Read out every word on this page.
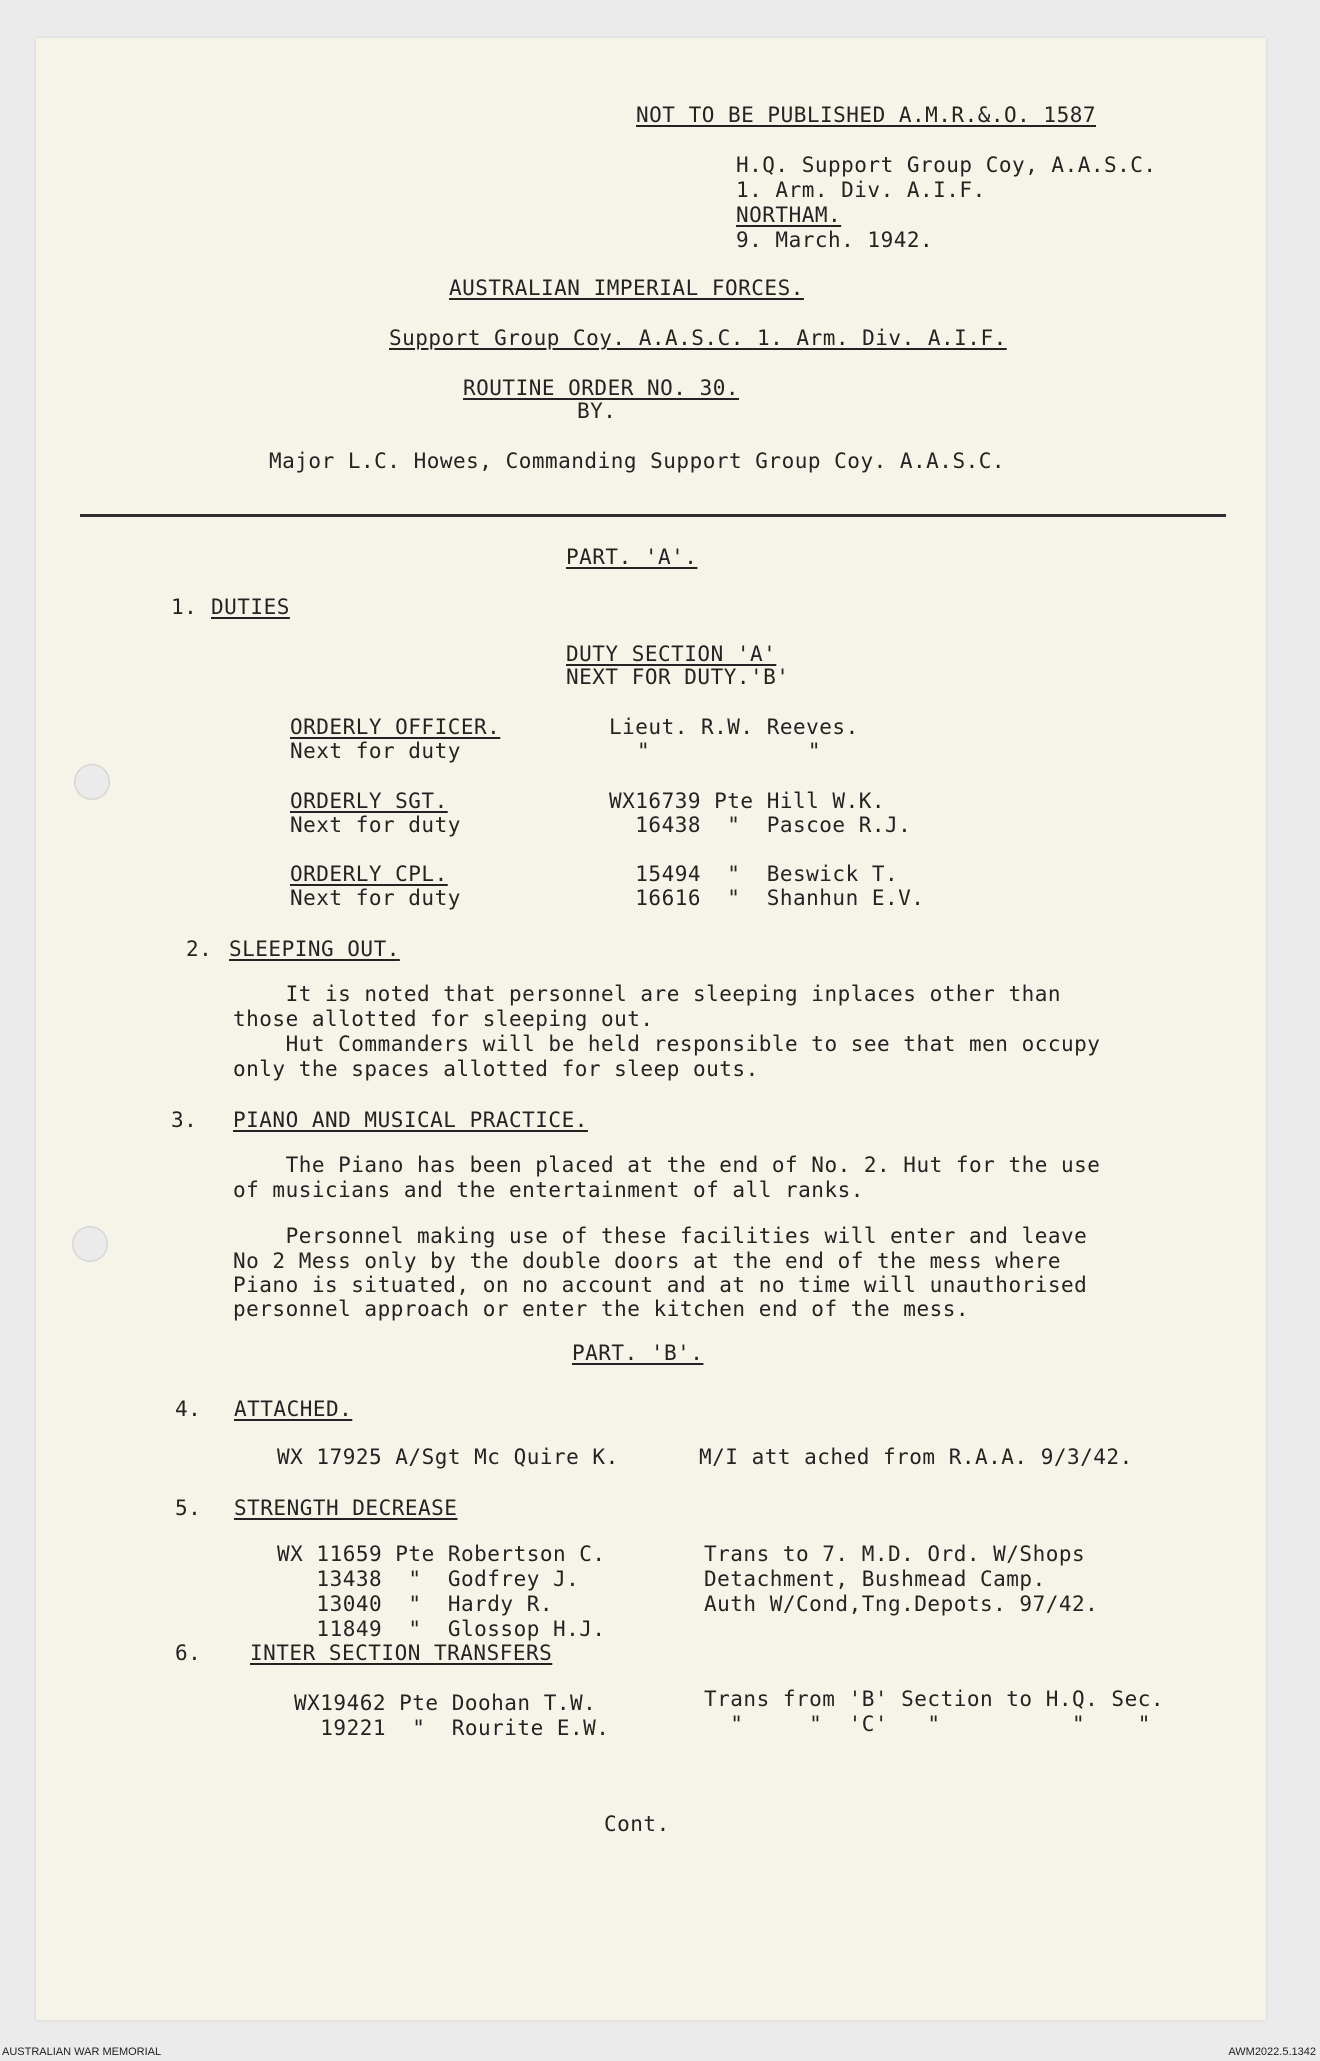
NOT TO BE PUBLISHED A.M.R.&.O. 1587
H.Q. Support Group Coy, A.A.S.C.
1. Arm. Div. A.I.F.
NORTHAM.
9. March. 1942.
AUSTRALIAN IMPERIAL FORCES.
Support Group Coy. A.A.S.C. 1. Arm. Div. A.I.F.
ROUTINE ORDER NO. 30.
BY.
Major L.C. Howes, Commanding Support Group Coy. A.A.S.C.
PART. 'A'.
1. DUTIES
DUTY SECTION 'A'
NEXT FOR DUTY.'B'
ORDERLY OFFICER.
Next for duty
Lieut. R.W. Reeves.
"            "
ORDERLY SGT.
Next for duty
WX16739 Pte Hill W.K.
16438  "  Pascoe R.J.
ORDERLY CPL.
Next for duty
15494  "  Beswick T.
16616  "  Shanhun E.V.
2. SLEEPING OUT.
It is noted that personnel are sleeping inplaces other than
those allotted for sleeping out.
Hut Commanders will be held responsible to see that men occupy
only the spaces allotted for sleep outs.
3. PIANO AND MUSICAL PRACTICE.
The Piano has been placed at the end of No. 2. Hut for the use
of musicians and the entertainment of all ranks.
Personnel making use of these facilities will enter and leave
No 2 Mess only by the double doors at the end of the mess where
Piano is situated, on no account and at no time will unauthorised
personnel approach or enter the kitchen end of the mess.
PART. 'B'.
4. ATTACHED.
WX 17925 A/Sgt Mc Quire K.	M/I att ached from R.A.A. 9/3/42.
5. STRENGTH DECREASE
WX 11659 Pte Robertson C.
13438  "  Godfrey J.
13040  "  Hardy R.
11849  "  Glossop H.J.
Trans to 7. M.D. Ord. W/Shops
Detachment, Bushmead Camp.
Auth W/Cond,Tng.Depots. 97/42.
6. INTER SECTION TRANSFERS
WX19462 Pte Doohan T.W.
19221  "  Rourite E.W.
Trans from 'B' Section to H.Q. Sec.
"     "  'C'   "          "    "
Cont.
AUSTRALIAN WAR MEMORIAL	AWM2022.5.1342
